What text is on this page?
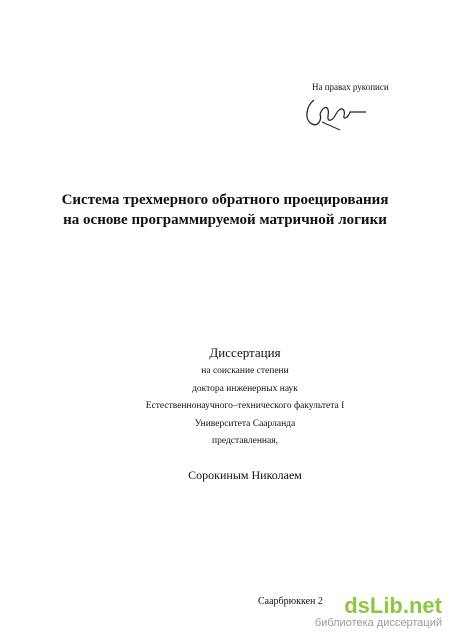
На правах рукописи
Система трехмерного обратного проецирования
на основе программируемой матричной логики
Диссертация
на соискание степени
доктора инженерных наук
Естественнонаучного–технического факультета I
Университета Саарланда
представленная,
Сорокиным Николаем
Саарбрюккен 2 dsLib.net
библиотека диссертаций
